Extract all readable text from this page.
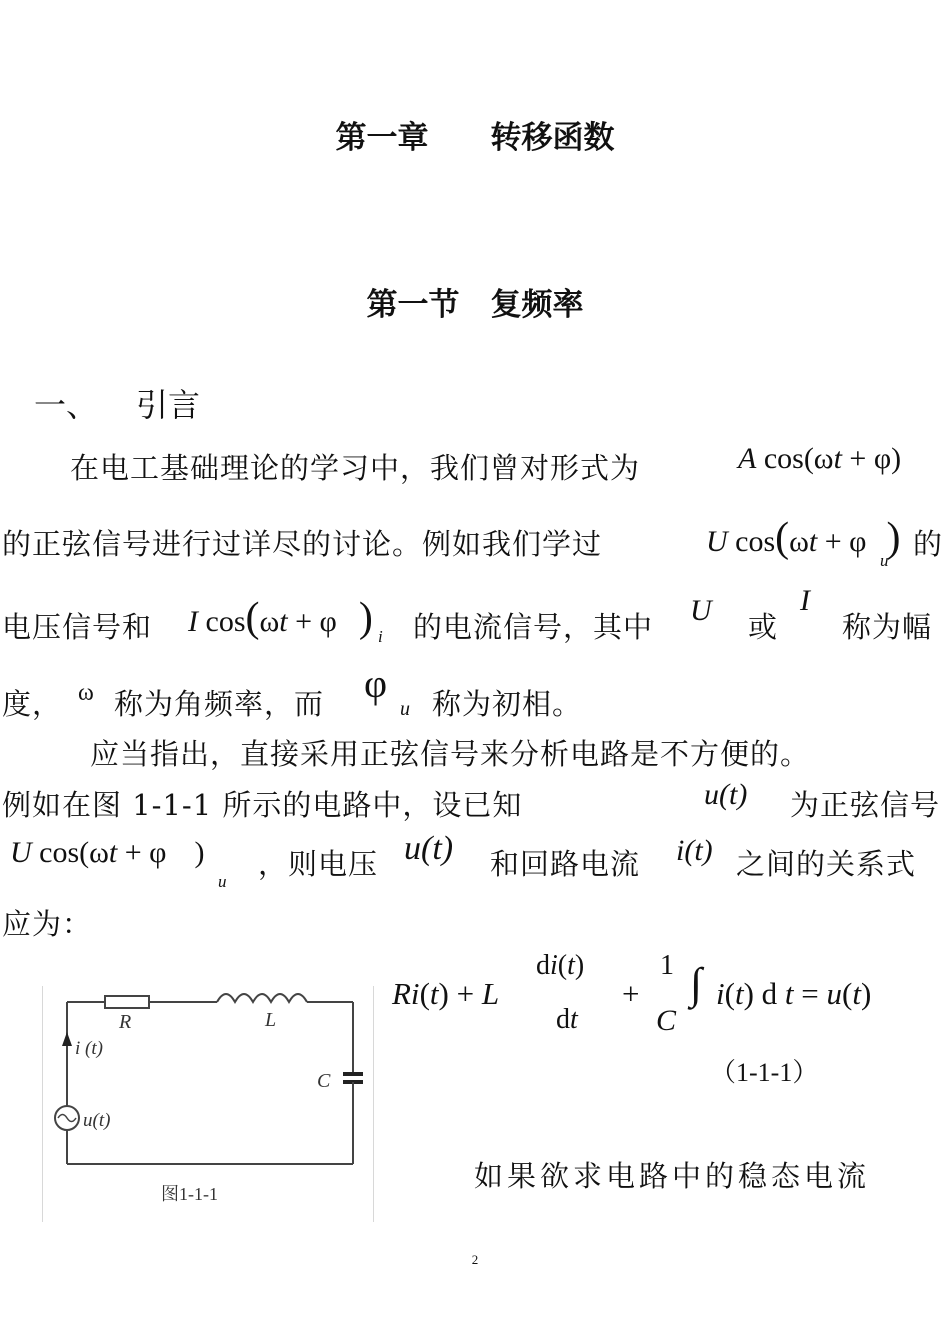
第一章　　转移函数
第一节　复频率
一、 引言
在电工基础理论的学习中，我们曾对形式为	A cos(ωt + φ)
的正弦信号进行过详尽的讨论。例如我们学过	U cos(ωt + φ )
u 的
电压信号和 I cos(ωt + φ ) i 的电流信号，其中 U 或
I
称为幅
度， ω 称为角频率，而 φ
u 称为初相。
应当指出，直接采用正弦信号来分析电路是不方便的。
例如在图 1-1-1 所示的电路中，设已知	u(t) 为正弦信号
U cos(ωt + φ )
u
，则电压 u(t) 和回路电流 i(t) 之间的关系式
应为：
R	L
C
i (t)
u(t)
图1-1-1
Ri(t) + L
di(t)
dt
+
1
C
∫ i(t) d t = u(t)
（1-1-1）
如果欲求电路中的稳态电流
2
